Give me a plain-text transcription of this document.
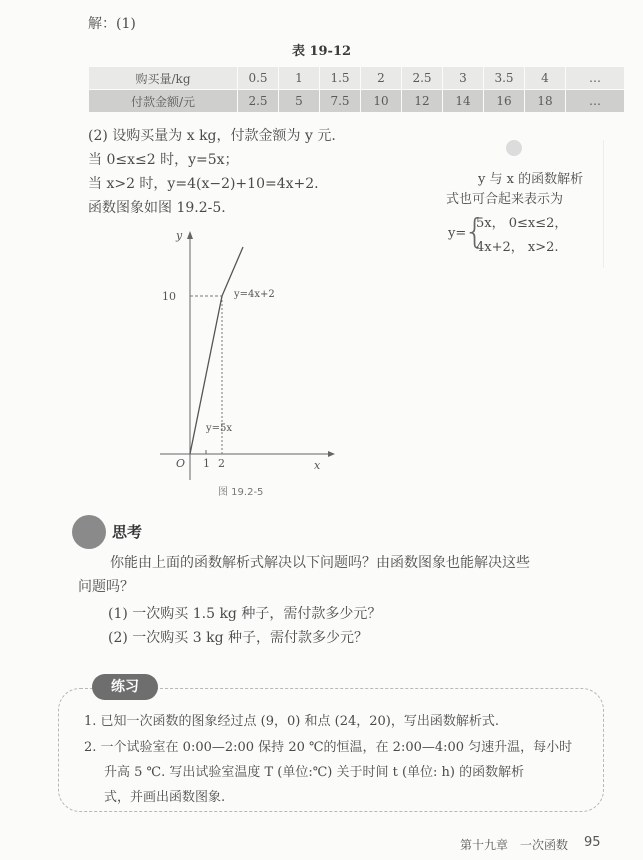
解：(1)
表 19-12
购买量/kg	0.5	1	1.5	2	2.5	3	3.5	4	…
付款金额/元	2.5	5	7.5	10	12	14	16	18	…
(2) 设购买量为 x kg，付款金额为 y 元.
当 0≤x≤2 时，y=5x；
当 x>2 时，y=4(x−2)+10=4x+2.
函数图象如图 19.2-5.
y 与 x 的函数解析
式也可合起来表示为
y=
{
5x， 0≤x≤2，
4x+2， x>2.
y
10	y=4x+2
y=5x
O 1 2	x
图 19.2-5
思考
你能由上面的函数解析式解决以下问题吗？由函数图象也能解决这些
问题吗？
(1) 一次购买 1.5 kg 种子，需付款多少元？
(2) 一次购买 3 kg 种子，需付款多少元？
练习
1. 已知一次函数的图象经过点 (9，0) 和点 (24，20)，写出函数解析式.
2. 一个试验室在 0:00—2:00 保持 20 ℃的恒温，在 2:00—4:00 匀速升温，每小时
升高 5 ℃. 写出试验室温度 T (单位:℃) 关于时间 t (单位: h) 的函数解析
式，并画出函数图象.
第十九章　一次函数 95
